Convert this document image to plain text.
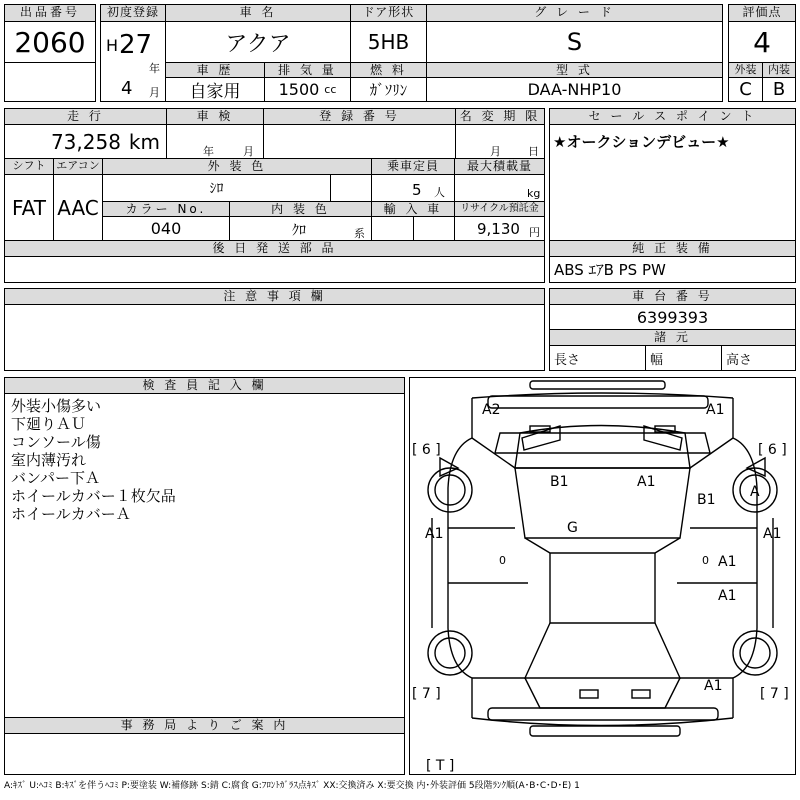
出品番号
2060
初度登録
H 27
年
4 月
車 名
アクア
ドア形状
5HB
グ レ ー ド
S
評価点
4
車 歴
自家用
排 気 量
1500 cc
燃 料
ｶﾞｿﾘﾝ
型 式
DAA-NHP10
外装	内装
C	B
走 行
73,258 km
車 検
年	月
登 録 番 号	名 変 期 限
月 日
シフト
FAT
エアコン
AAC
外 装 色
ｼﾛ
乗車定員
5 人
最大積載量
kg
カラー No.
040
内 装 色
ｸﾛ	系
輸 入 車	リサイクル預託金
9,130 円
後 日 発 送 部 品
セ ー ル ス ポ イ ン ト
★オークションデビュー★
純 正 装 備
ABS ｴｱB PS PW
注 意 事 項 欄	車 台 番 号
6399393
諸 元
長さ	幅	高さ
検 査 員 記 入 欄
外装小傷多い
下廻りＡＵ
コンソール傷
室内薄汚れ
バンパー下Ａ
ホイールカバー１枚欠品
ホイールカバーＡ
事 務 局 よ り ご 案 内
A2	A1
[ 6 ]	[ 6 ]
B1	A1
B1 A
A1	A1
G
0	0 A1
A1
[ 7 ]	[ 7 ]
A1
[ T ]
A:ｷｽﾞ U:ﾍｺﾐ B:ｷｽﾞを伴うﾍｺﾐ P:要塗装 W:補修跡 S:錆 C:腐食 G:ﾌﾛﾝﾄｶﾞﾗｽ点ｷｽﾞ XX:交換済み X:要交換 内･外装評価 5段階ﾗﾝｸ順(A･B･C･D･E) 1
